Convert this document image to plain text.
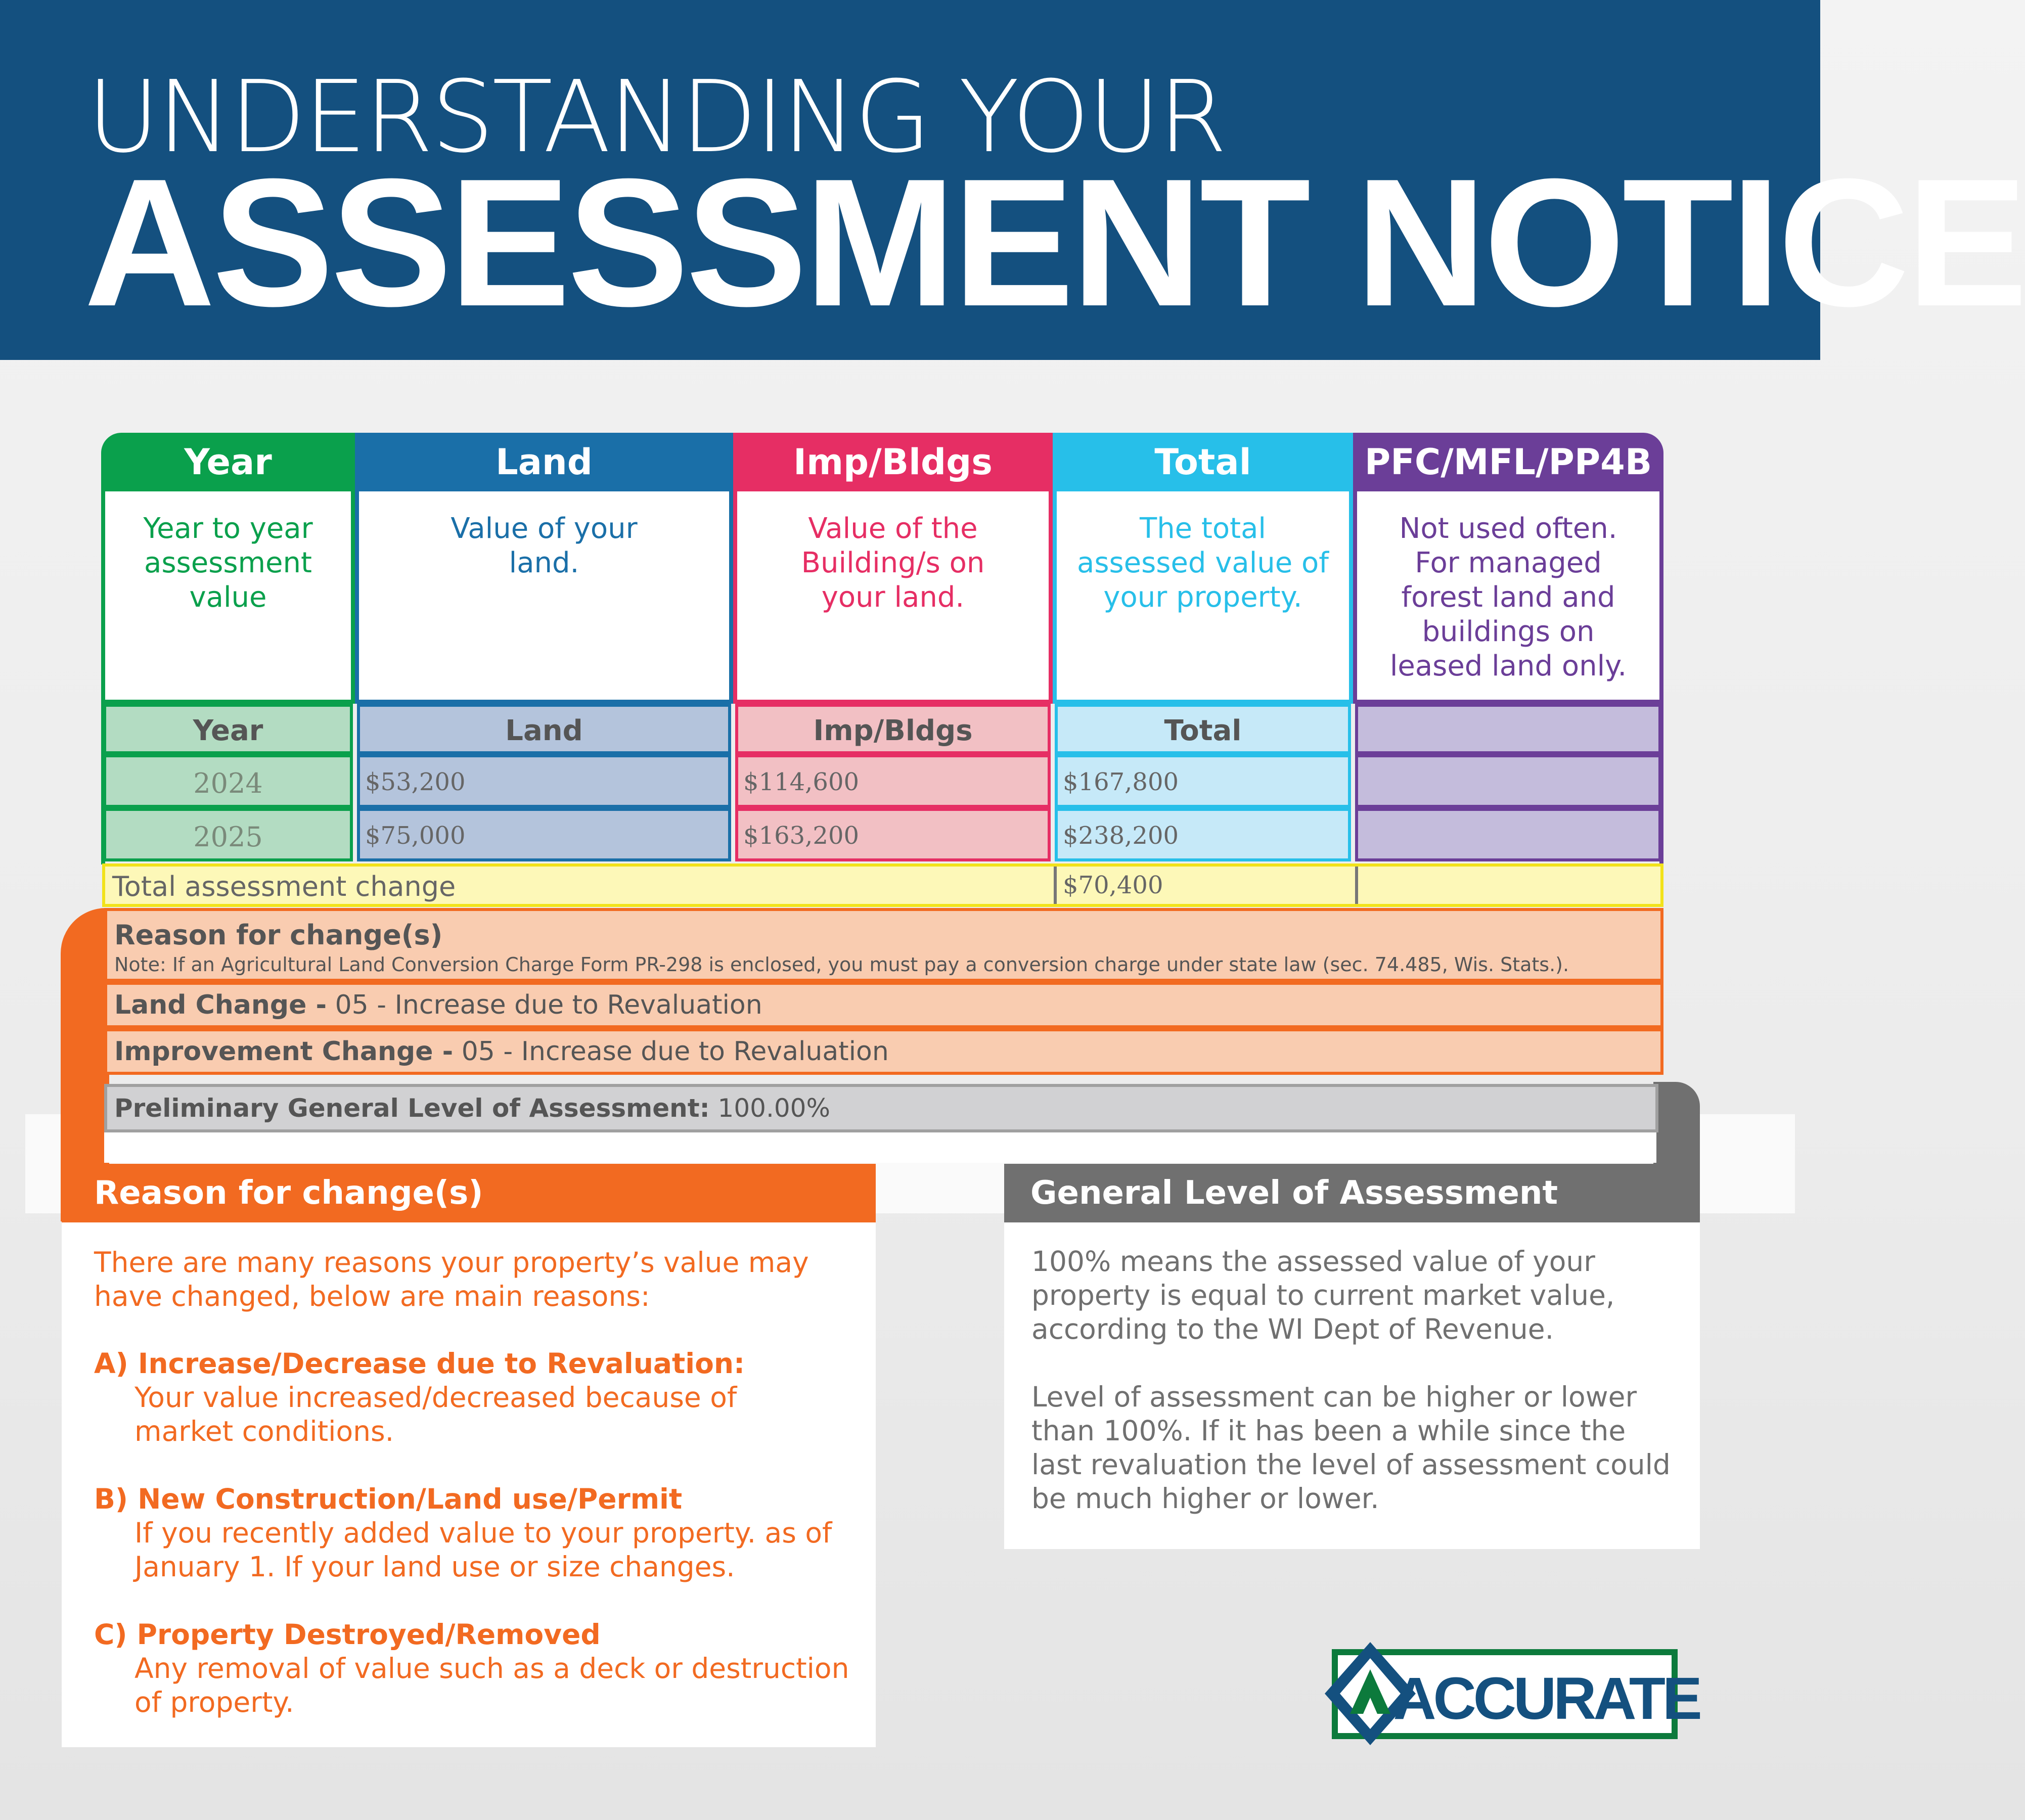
UNDERSTANDING YOUR
ASSESSMENT NOTICE
Year	Land	Imp/Bldgs	Total	PFC/MFL/PP4B
Year to year assessment value
Value of your land.
Value of the Building/s on your land.
The total assessed value of your property.
Not used often. For managed forest land and buildings on leased land only.
Year	Land	Imp/Bldgs	Total
2024	$53,200	$114,600	$167,800
2025	$75,000	$163,200	$238,200
Total assessment change	$70,400
Reason for change(s)
Note: If an Agricultural Land Conversion Charge Form PR-298 is enclosed, you must pay a conversion charge under state law (sec. 74.485, Wis. Stats.).
Land Change - 05 - Increase due to Revaluation
Improvement Change - 05 - Increase due to Revaluation
Preliminary General Level of Assessment: 100.00%
Reason for change(s)
There are many reasons your property’s value may have changed, below are main reasons:
A) Increase/Decrease due to Revaluation:
Your value increased/decreased because of market conditions.
B) New Construction/Land use/Permit
If you recently added value to your property. as of January 1. If your land use or size changes.
C) Property Destroyed/Removed
Any removal of value such as a deck or destruction of property.
General Level of Assessment
100% means the assessed value of your property is equal to current market value, according to the WI Dept of Revenue.
Level of assessment can be higher or lower than 100%. If it has been a while since the last revaluation the level of assessment could be much higher or lower.
ACCURATE
